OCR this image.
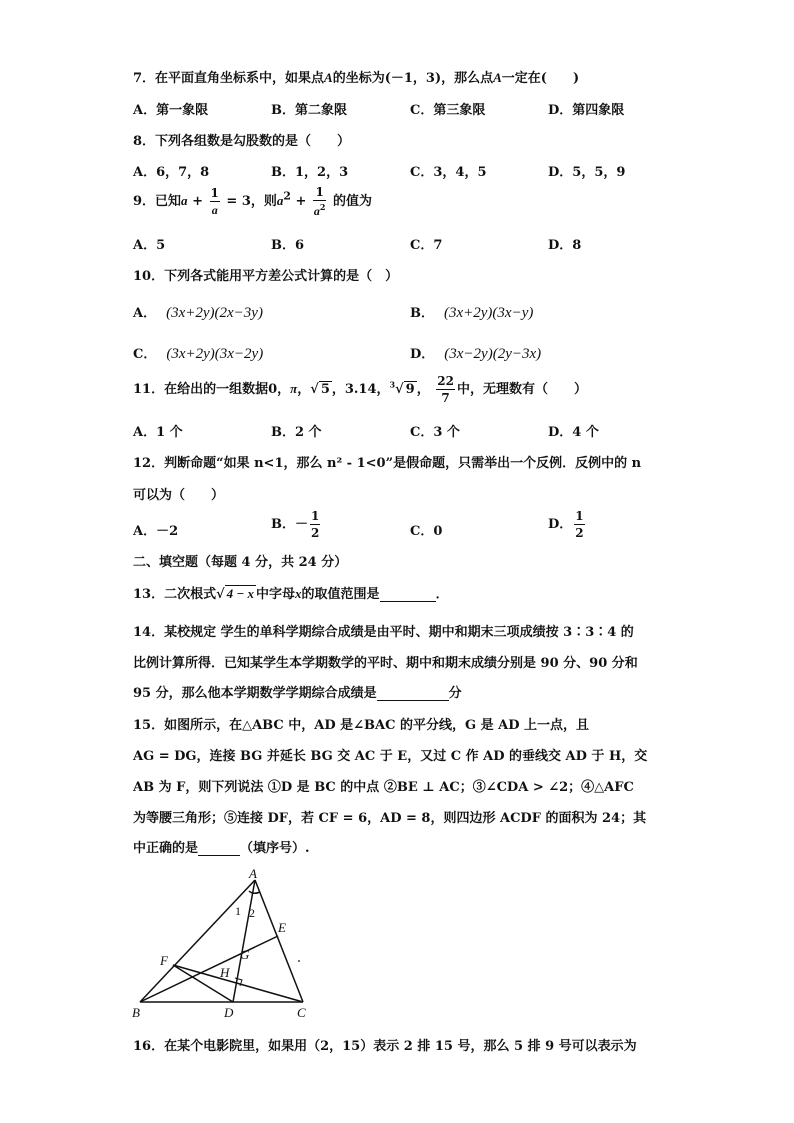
7．在平面直角坐标系中，如果点A的坐标为(－1，3)，那么点A一定在(　　)
A．第一象限	B．第二象限	C．第三象限	D．第四象限
8．下列各组数是勾股数的是（　　）
A．6，7，8	B．1，2，3	C．3，4，5	D．5，5，9
9．已知$a + \frac{1}{a} = 3$，则$a^2 + \frac{1}{a^2}$ 的值为
A．5	B．6	C．7	D．8
10．下列各式能用平方差公式计算的是（　）
A． (3x+2y)(2x−3y)	B． (3x+2y)(3x−y)
C． (3x+2y)(3x−2y)	D． (3x−2y)(2y−3x)
11．在给出的一组数据0，π，√ 5 ，3.14，$^3$√ 9 ， $\frac{22}{7}$ 中，无理数有（　　）
A．1 个	B．2 个	C．3 个	D．4 个
12．判断命题“如果 n<1，那么 n² - 1<0”是假命题，只需举出一个反例．反例中的 n
可以为（　　）
A．－2	B．－ $\frac{1}{2}$	C．0	D． $\frac{1}{2}$
二、填空题（每题 4 分，共 24 分）
13．二次根式√ 4 − x 中字母x的取值范围是	．
14．某校规定 学生的单科学期综合成绩是由平时、期中和期末三项成绩按 3∶3∶4 的
比例计算所得．已知某学生本学期数学的平时、期中和期末成绩分别是 90 分、90 分和
95 分，那么他本学期数学学期综合成绩是	分
15．如图所示，在△ABC 中，AD 是∠BAC 的平分线，G 是 AD 上一点，且
AG = DG，连接 BG 并延长 BG 交 AC 于 E，又过 C 作 AD 的垂线交 AD 于 H，交
AB 为 F，则下列说法 ①D 是 BC 的中点 ②BE ⊥ AC；③∠CDA > ∠2；④△AFC
为等腰三角形；⑤连接 DF，若 CF = 6，AD = 8，则四边形 ACDF 的面积为 24；其
中正确的是	（填序号）.
A
B	C
D
E
F	G
H
1 2
16．在某个电影院里，如果用（2，15）表示 2 排 15 号，那么 5 排 9 号可以表示为
